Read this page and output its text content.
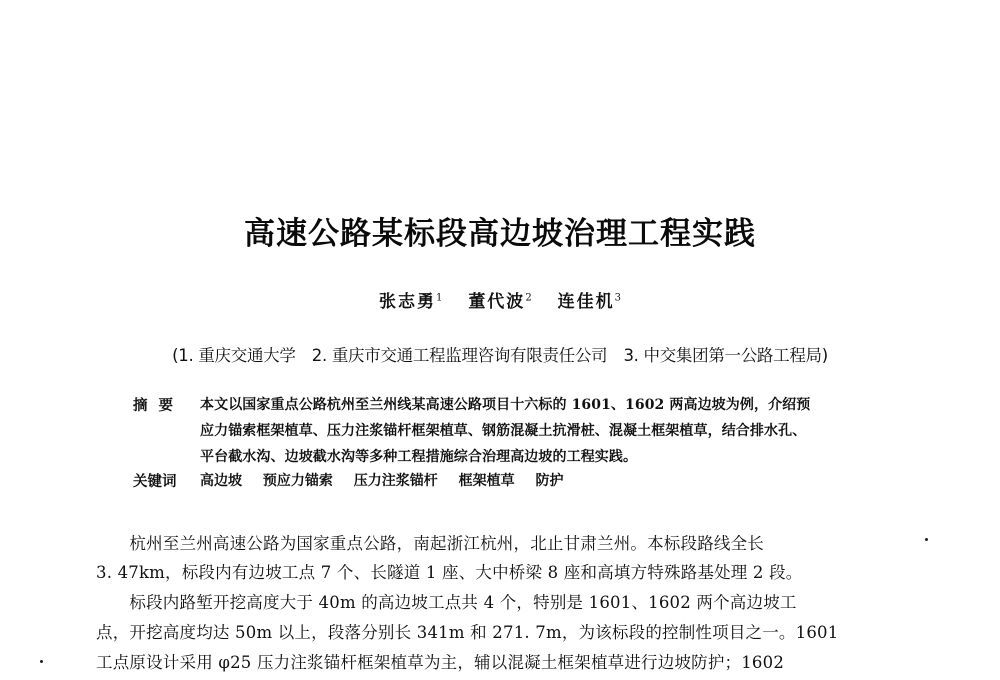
高速公路某标段高边坡治理工程实践
张志勇$^1$ 董代波$^2$ 连佳机$^3$
(1. 重庆交通大学　2. 重庆市交通工程监理咨询有限责任公司　3. 中交集团第一公路工程局)
摘要 本文以国家重点公路杭州至兰州线某高速公路项目十六标的 1601、1602 两高边坡为例，介绍预
应力锚索框架植草、压力注浆锚杆框架植草、钢筋混凝土抗滑桩、混凝土框架植草，结合排水孔、
平台截水沟、边坡截水沟等多种工程措施综合治理高边坡的工程实践。
关键词 高边坡 预应力锚索 压力注浆锚杆 框架植草 防护
　　杭州至兰州高速公路为国家重点公路，南起浙江杭州，北止甘肃兰州。本标段路线全长
3. 47km，标段内有边坡工点 7 个、长隧道 1 座、大中桥梁 8 座和高填方特殊路基处理 2 段。
　　标段内路堑开挖高度大于 40m 的高边坡工点共 4 个，特别是 1601、1602 两个高边坡工
点，开挖高度均达 50m 以上，段落分别长 341m 和 271. 7m，为该标段的控制性项目之一。1601
工点原设计采用 φ25 压力注浆锚杆框架植草为主，辅以混凝土框架植草进行边坡防护；1602
